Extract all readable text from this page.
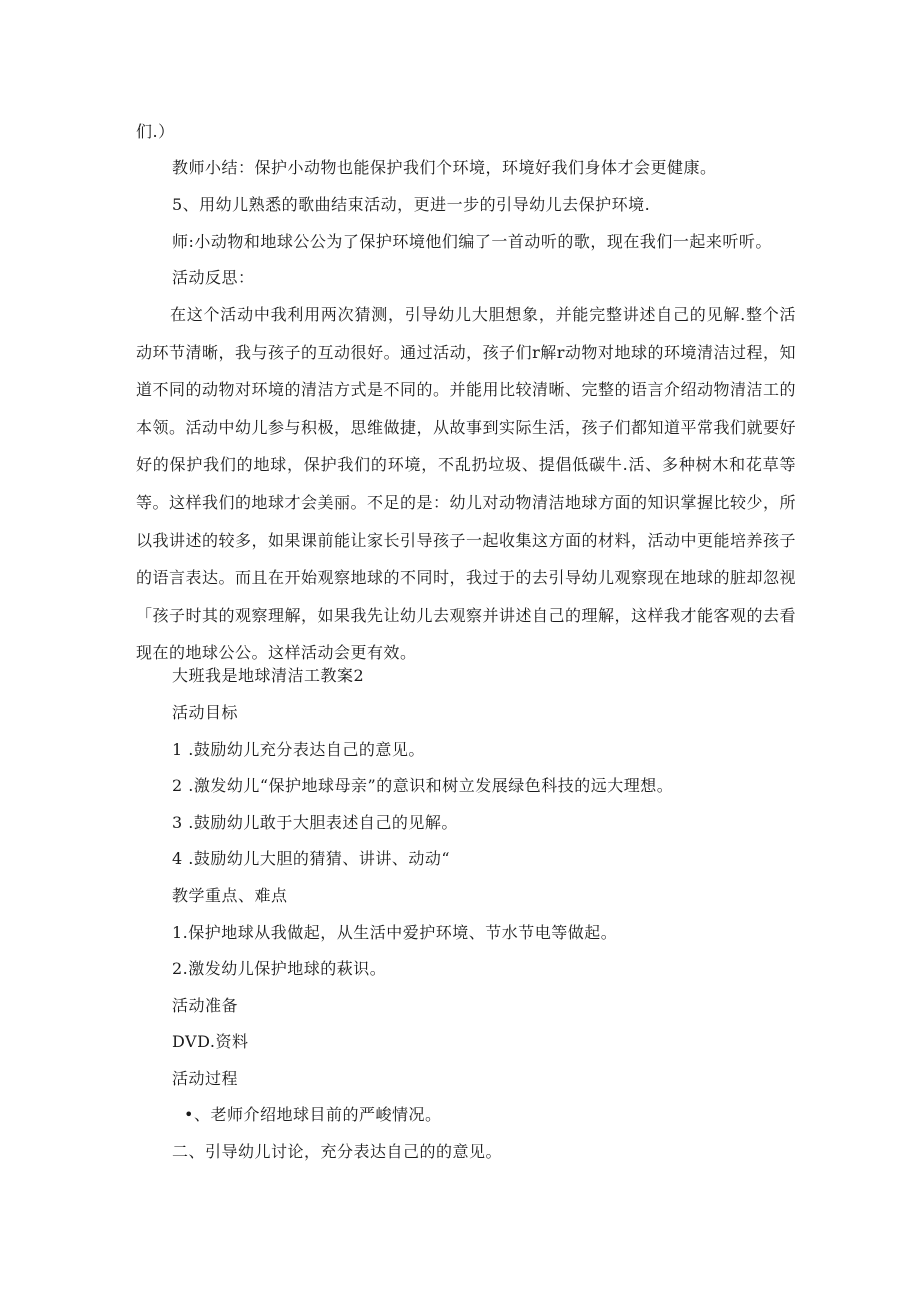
们.）
教师小结：保护小动物也能保护我们个环境，环境好我们身体才会更健康。
5、用幼儿熟悉的歌曲结束活动，更进一步的引导幼儿去保护环境.
师:小动物和地球公公为了保护环境他们编了一首动听的歌，现在我们一起来听听。
活动反思：
在这个活动中我利用两次猜测，引导幼儿大胆想象，并能完整讲述自己的见解.整个活动环节清晰，我与孩子的互动很好。通过活动，孩子们r解r动物对地球的环境清洁过程，知道不同的动物对环境的清洁方式是不同的。并能用比较清晰、完整的语言介绍动物清洁工的本领。活动中幼儿参与积极，思维做捷，从故事到实际生活，孩子们都知道平常我们就要好好的保护我们的地球，保护我们的环境，不乱扔垃圾、提倡低碳牛.活、多种树木和花草等等。这样我们的地球才会美丽。不足的是：幼儿对动物清洁地球方面的知识掌握比较少，所以我讲述的较多，如果课前能让家长引导孩子一起收集这方面的材料，活动中更能培养孩子的语言表达。而且在开始观察地球的不同时，我过于的去引导幼儿观察现在地球的脏却忽视「孩子时其的观察理解，如果我先让幼儿去观察并讲述自己的理解，这样我才能客观的去看现在的地球公公。这样活动会更有效。
大班我是地球清洁工教案2
活动目标
1 .鼓励幼儿充分表达自己的意见。
2 .激发幼儿“保护地球母亲”的意识和树立发展绿色科技的远大理想。
3 .鼓励幼儿敢于大胆表述自己的见解。
4 .鼓励幼儿大胆的猜猜、讲讲、动动“
教学重点、难点
1.保护地球从我做起，从生活中爱护环境、节水节电等做起。
2.激发幼儿保护地球的萩识。
活动准备
DVD.资料
活动过程
•、老师介绍地球目前的严峻情况。
二、引导幼儿讨论，充分表达自己的的意见。
